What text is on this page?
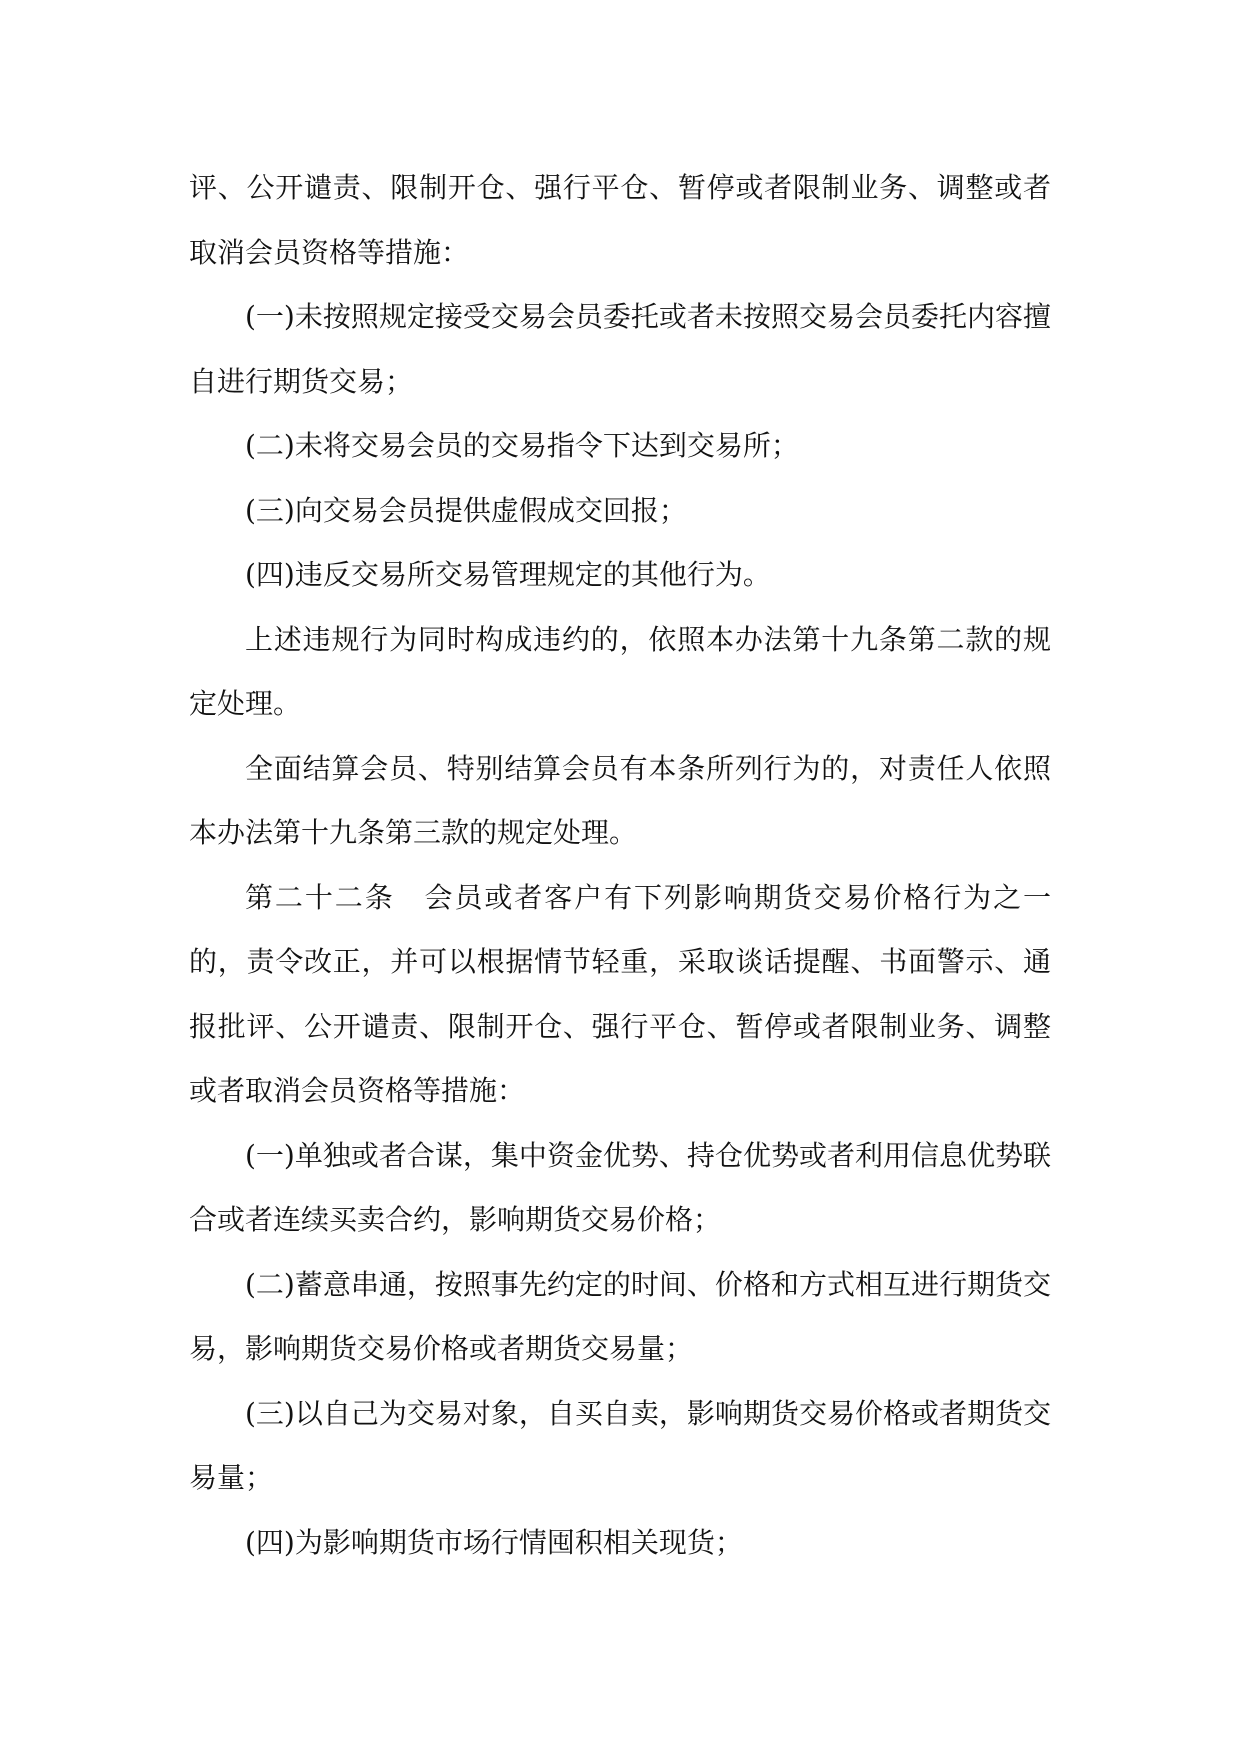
评、公开谴责、限制开仓、强行平仓、暂停或者限制业务、调整或者取消会员资格等措施：

(一)未按照规定接受交易会员委托或者未按照交易会员委托内容擅自进行期货交易；

(二)未将交易会员的交易指令下达到交易所；

(三)向交易会员提供虚假成交回报；

(四)违反交易所交易管理规定的其他行为。

上述违规行为同时构成违约的，依照本办法第十九条第二款的规定处理。

全面结算会员、特别结算会员有本条所列行为的，对责任人依照本办法第十九条第三款的规定处理。

第二十二条　会员或者客户有下列影响期货交易价格行为之一的，责令改正，并可以根据情节轻重，采取谈话提醒、书面警示、通报批评、公开谴责、限制开仓、强行平仓、暂停或者限制业务、调整或者取消会员资格等措施：

(一)单独或者合谋，集中资金优势、持仓优势或者利用信息优势联合或者连续买卖合约，影响期货交易价格；

(二)蓄意串通，按照事先约定的时间、价格和方式相互进行期货交易，影响期货交易价格或者期货交易量；

(三)以自己为交易对象，自买自卖，影响期货交易价格或者期货交易量；

(四)为影响期货市场行情囤积相关现货；
